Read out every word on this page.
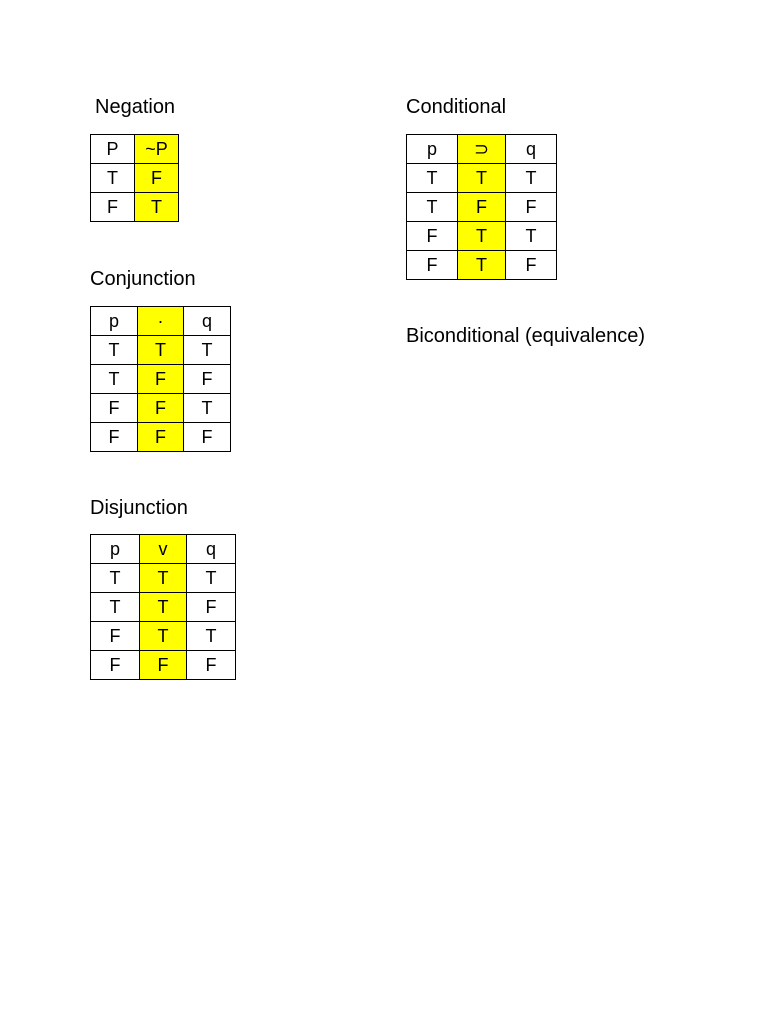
Negation
P	~P
T	F
F	T
Conditional
p	⊃	q
T	T	T
T	F	F
F	T	T
F	T	F
Conjunction
p	·	q
T	T	T
T	F	F
F	F	T
F	F	F
Biconditional (equivalence)
Disjunction
p	v	q
T	T	T
T	T	F
F	T	T
F	F	F
